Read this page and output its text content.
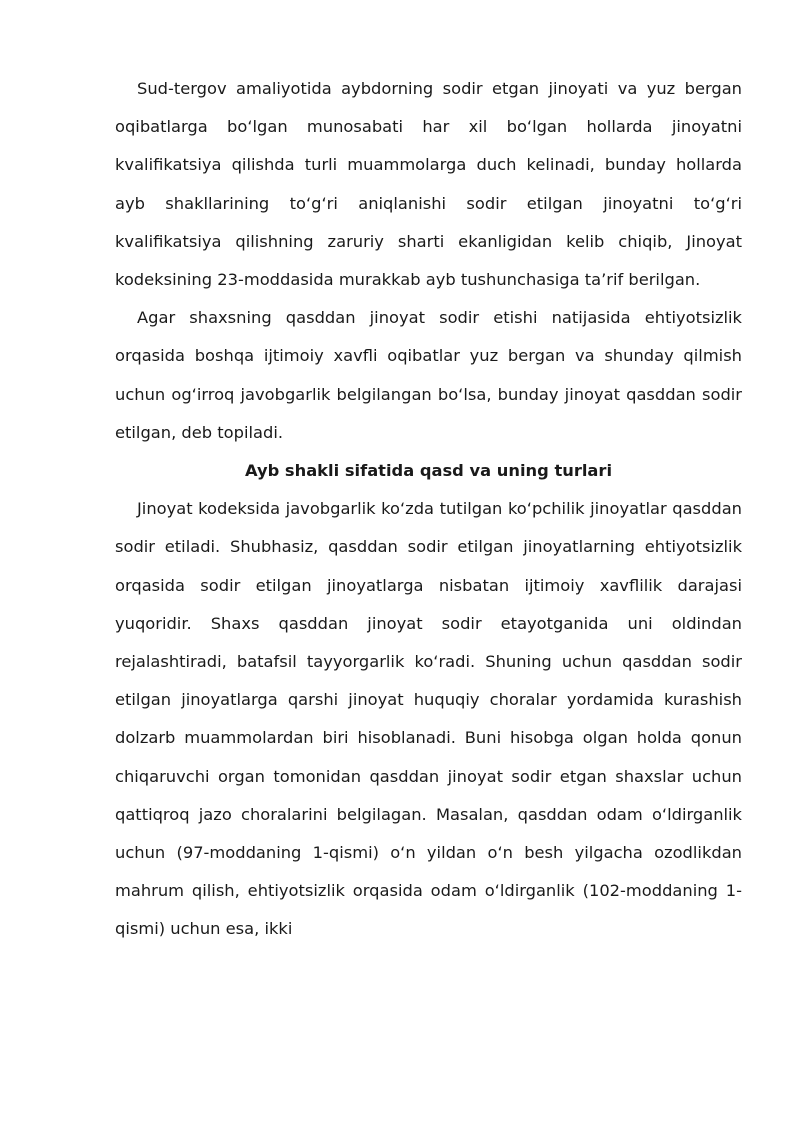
Sud-tergov amaliyotida aybdorning sodir etgan jinoyati va yuz bergan oqibatlarga bo‘lgan munosabati har xil bo‘lgan hollarda jinoyatni kvalifikatsiya qilishda turli muammolarga duch kelinadi, bunday hollarda ayb shakllarining to‘g‘ri aniqlanishi sodir etilgan jinoyatni to‘g‘ri kvalifikatsiya qilishning zaruriy sharti ekanligidan kelib chiqib, Jinoyat kodeksining 23-moddasida murakkab ayb tushunchasiga ta’rif berilgan.

Agar shaxsning qasddan jinoyat sodir etishi natijasida ehtiyotsizlik orqasida boshqa ijtimoiy xavfli oqibatlar yuz bergan va shunday qilmish uchun og‘irroq javobgarlik belgilangan bo‘lsa, bunday jinoyat qasddan sodir etilgan, deb topiladi.

Ayb shakli sifatida qasd va uning turlari

Jinoyat kodeksida javobgarlik ko‘zda tutilgan ko‘pchilik jinoyatlar qasddan sodir etiladi. Shubhasiz, qasddan sodir etilgan jinoyatlarning ehtiyotsizlik orqasida sodir etilgan jinoyatlarga nisbatan ijtimoiy xavflilik darajasi yuqoridir. Shaxs qasddan jinoyat sodir etayotganida uni oldindan rejalashtiradi, batafsil tayyorgarlik ko‘radi. Shuning uchun qasddan sodir etilgan jinoyatlarga qarshi jinoyat huquqiy choralar yordamida kurashish dolzarb muammolardan biri hisoblanadi. Buni hisobga olgan holda qonun chiqaruvchi organ tomonidan qasddan jinoyat sodir etgan shaxslar uchun qattiqroq jazo choralarini belgilagan. Masalan, qasddan odam o‘ldirganlik uchun (97-moddaning 1-qismi) o‘n yildan o‘n besh yilgacha ozodlikdan mahrum qilish, ehtiyotsizlik orqasida odam o‘ldirganlik (102-moddaning 1-qismi) uchun esa, ikki
